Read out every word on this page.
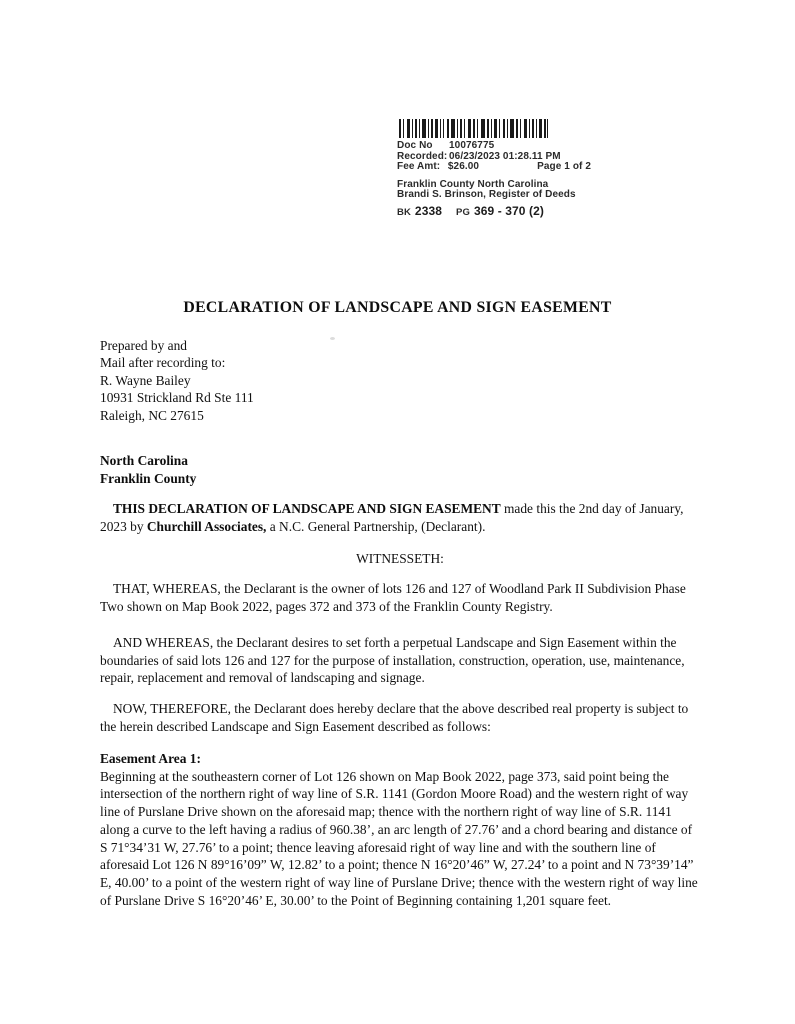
Doc No	10076775
Recorded: 06/23/2023 01:28.11 PM
Fee Amt: $26.00	Page 1 of 2
Franklin County North Carolina
Brandi S. Brinson, Register of Deeds
BK 2338 PG 369 - 370 (2)
DECLARATION OF LANDSCAPE AND SIGN EASEMENT
Prepared by and
Mail after recording to:
R. Wayne Bailey
10931 Strickland Rd Ste 111
Raleigh, NC 27615
North Carolina
Franklin County
THIS DECLARATION OF LANDSCAPE AND SIGN EASEMENT made this the 2nd day of January, 2023 by Churchill Associates, a N.C. General Partnership, (Declarant).
WITNESSETH:
THAT, WHEREAS, the Declarant is the owner of lots 126 and 127 of Woodland Park II Subdivision Phase Two shown on Map Book 2022, pages 372 and 373 of the Franklin County Registry.
AND WHEREAS, the Declarant desires to set forth a perpetual Landscape and Sign Easement within the boundaries of said lots 126 and 127 for the purpose of installation, construction, operation, use, maintenance, repair, replacement and removal of landscaping and signage.
NOW, THEREFORE, the Declarant does hereby declare that the above described real property is subject to the herein described Landscape and Sign Easement described as follows:
Easement Area 1:
Beginning at the southeastern corner of Lot 126 shown on Map Book 2022, page 373, said point being the intersection of the northern right of way line of S.R. 1141 (Gordon Moore Road) and the western right of way line of Purslane Drive shown on the aforesaid map; thence with the northern right of way line of S.R. 1141 along a curve to the left having a radius of 960.38’, an arc length of 27.76’ and a chord bearing and distance of S 71°34’31 W, 27.76’ to a point; thence leaving aforesaid right of way line and with the southern line of aforesaid Lot 126 N 89°16’09” W, 12.82’ to a point; thence N 16°20’46” W, 27.24’ to a point and N 73°39’14” E, 40.00’ to a point of the western right of way line of Purslane Drive; thence with the western right of way line of Purslane Drive S 16°20’46’ E, 30.00’ to the Point of Beginning containing 1,201 square feet.
